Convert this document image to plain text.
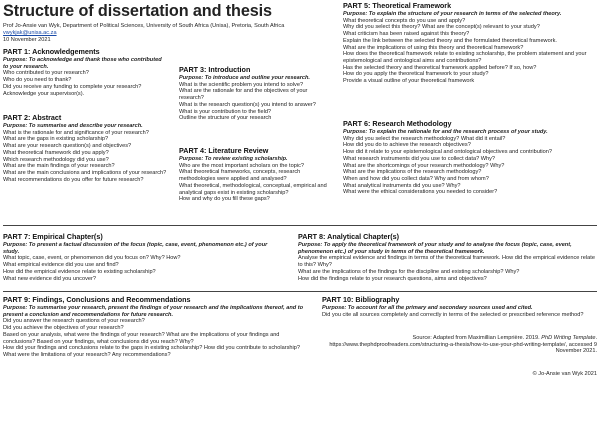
Structure of dissertation and thesis
Prof Jo-Ansie van Wyk, Department of Political Sciences, University of South Africa (Unisa), Pretoria, South Africa
vwykjak@unisa.ac.za
10 November 2021
PART 1: Acknowledgements

Purpose: To acknowledge and thank those who contributed to your research.

Who contributed to your research?
Who do you need to thank?
Did you receive any funding to complete your research?
Acknowledge your supervisor(s).
PART 2: Abstract

Purpose: To summarise and describe your research.

What is the rationale for and significance of your research?
What are the gaps in existing scholarship?
What are your research question(s) and objectives?
What theoretical framework did you apply?
Which research methodology did you use?
What are the main findings of your research?
What are the main conclusions and implications of your research?
What recommendations do you offer for future research?
PART 3: Introduction

Purpose: To introduce and outline your research.

What is the scientific problem you intend to solve?
What are the rationale for and the objectives of your research?
What is the research question(s) you intend to answer?
What is your contribution to the field?
Outline the structure of your research
PART 4: Literature Review

Purpose: To review existing scholarship.

Who are the most important scholars on the topic?
What theoretical frameworks, concepts, research methodologies were applied and analysed?
What theoretical, methodological, conceptual, empirical and analytical gaps exist in existing scholarship?
How and why do you fill these gaps?
PART 5: Theoretical Framework

Purpose: To explain the structure of your research in terms of the selected theory.

What theoretical concepts do you use and apply?
Why did you select this theory? What are the concept(s) relevant to your study?
What criticism has been raised against this theory?
Explain the link between the selected theory and the formulated theoretical framework.
What are the implications of using this theory and theoretical framework?
How does the theoretical framework relate to existing scholarship, the problem statement and your epistemological and ontological aims and contributions?
Has the selected theory and theoretical framework applied before? If so, how?
How do you apply the theoretical framework to your study?
Provide a visual outline of your theoretical framework
PART 6: Research Methodology

Purpose: To explain the rationale for and the research process of your study.

Why did you select the research methodology? What did it entail?
How did you do to achieve the research objectives?
How did it relate to your epistemological and ontological objectives and contribution?
What research instruments did you use to collect data? Why?
What are the shortcomings of your research methodology? Why?
What are the implications of the research methodology?
When and how did you collect data? Why and from whom?
What analytical instruments did you use? Why?
What were the ethical considerations you needed to consider?
PART 7: Empirical Chapter(s)

Purpose: To present a factual discussion of the focus (topic, case, event, phenomenon etc.) of your study.

What topic, case, event, or phenomenon did you focus on? Why? How?
What empirical evidence did you use and find?
How did the empirical evidence relate to existing scholarship?
What new evidence did you uncover?
PART 8: Analytical Chapter(s)

Purpose: To apply the theoretical framework of your study and to analyse the focus (topic, case, event, phenomenon etc.) of your study in terms of the theoretical framework.

Analyse the empirical evidence and findings in terms of the theoretical framework. How did the empirical evidence relate to this? Why?
What are the implications of the findings for the discipline and existing scholarship? Why?
How did the findings relate to your research questions, aims and objectives?
PART 9: Findings, Conclusions and Recommendations

Purpose: To summarise your research, present the findings of your research and the implications thereof, and to present a conclusion and recommendations for future research.

Did you answer the research questions of your research?
Did you achieve the objectives of your research?
Based on your analysis, what were the findings of your research? What are the implications of your findings and conclusions? Based on your findings, what conclusions did you reach? Why?
How did your findings and conclusions relate to the gaps in existing scholarship? How did you contribute to scholarship?
What were the limitations of your research? Any recommendations?
PART 10: Bibliography

Purpose: To account for all the primary and secondary sources used and cited.

Did you cite all sources completely and correctly in terms of the selected or prescribed reference method?
Source: Adapted from Maximillian Lemprière. 2019. PhD Writing Template. https://www.thephdproofreaders.com/structuring-a-thesis/how-to-use-your-phd-writing-template/, accessed 9 November 2021.
© Jo-Ansie van Wyk 2021
